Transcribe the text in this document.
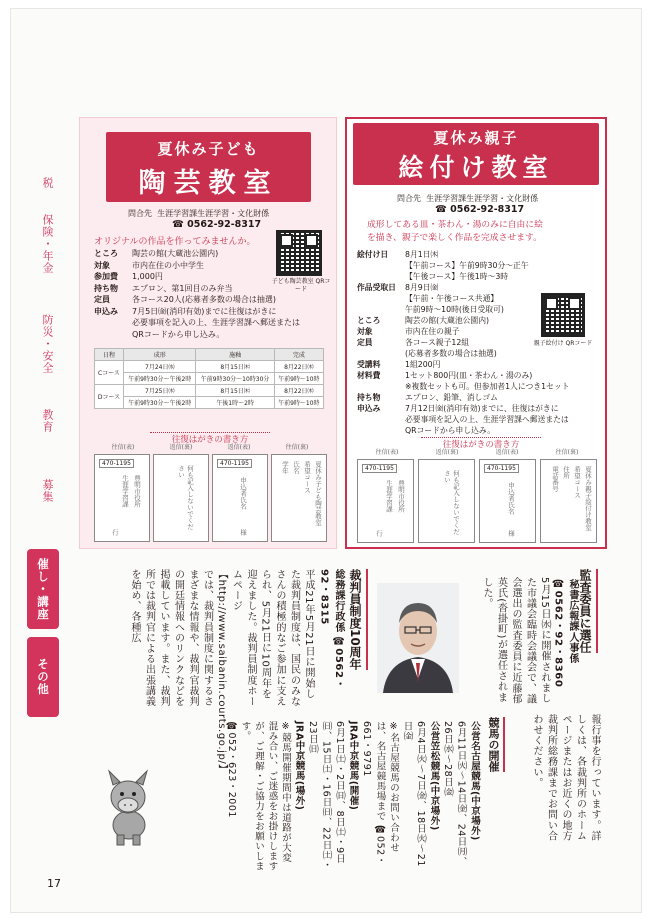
税
保険・年金
防災・安全
教育
募集
催し・講座
その他
夏休み子ども
陶芸教室
問合先 生涯学習課生涯学習・文化財係
☎ 0562-92-8317
オリジナルの作品を作ってみませんか。
ところ	陶芸の館(大蔵池公園内)
対象	市内在住の小中学生
参加費	1,000円
持ち物	エプロン、第1回目のみ弁当
定員	各コース20人(応募者多数の場合は抽選)
申込み	7月5日㈮(消印有効)までに往復はがきに
必要事項を記入の上、生涯学習課へ郵送または
QRコードから申し込み。
子ども陶芸教室 QRコード
日程	成形	施釉	完成
Cコース	7月24日㈬	8月15日㈭	8月22日㈭
	午前9時30分〜午後2時	午前9時30分〜10時30分	午前9時〜10時
Dコース	7月25日㈭	8月15日㈭	8月22日㈭
	午前9時30分〜午後2時	午後1時〜2時	午前9時〜10時
往復はがきの書き方
往信(表)	返信(裏)	返信(表)	往信(裏)
470-1195
豊明市役所
生涯学習課
行
何も記入しないでください
470-1195
申込者氏名
様
夏休み子ども陶芸教室
希望コース
氏名
学年
夏休み親子
絵付け教室
問合先 生涯学習課生涯学習・文化財係
☎ 0562-92-8317
成形してある皿・茶わん・湯のみに自由に絵
を描き、親子で楽しく作品を完成させます。
絵付け日	8月1日㈭
【午前コース】午前9時30分〜正午
【午後コース】午後1時〜3時
作品受取日	8月9日㈮
【午前・午後コース共通】
午前9時〜10時(後日受取可)
ところ	陶芸の館(大蔵池公園内)
対象	市内在住の親子
定員	各コース親子12組
(応募者多数の場合は抽選)
受講料	1組200円
材料費	1セット800円(皿・茶わん・湯のみ)
※複数セットも可。但参加者1人につき1セット
持ち物	エプロン、鉛筆、消しゴム
申込み	7月12日㈮(消印有効)までに、往復はがきに
必要事項を記入の上、生涯学習課へ郵送または
QRコードから申し込み。
親子絵付け QRコード
往復はがきの書き方
往信(表)	返信(裏)	返信(表)	往信(裏)
470-1195
豊明市役所
生涯学習課
行	何も記入しないでください
470-1195
申込者氏名
様
夏休み親子絵付け教室
希望コース
住所
電話番号
監査委員に選任
秘書広報課人事係 ☎0562・92・8360
5月15日㈬に開催されました市議会臨時会議会で、議会選出の監査委員に近藤郁英氏(沓掛町)が選任されました。
裁判員制度10周年
総務課行政係 ☎0562・92・8315
平成21年5月21日に開始した裁判員制度は、国民のみなさんの積極的なご参加に支えられ、5月21日に10周年を迎えました。裁判員制度ホームページ【http://www.saibanin.courts.go.jp/】では、裁判員制度に関するさまざまな情報や、裁判官裁判の開廷情報へのリンクなどを掲載しています。また、裁判所では裁判官による出張講義を始め、各種広
報行事を行っています。詳しくは、各裁判所のホームページまたはお近くの地方裁判所総務課までお問い合わせください。
競馬の開催
公営名古屋競馬(中京場外)
6月11日㈫〜14日㈮、24日㈪、26日㈬〜28日㈮
公営笠松競馬(中京場外)
6月4日㈫〜7日㈮、18日㈫〜21日㈮
※名古屋競馬のお問い合わせは、名古屋競馬場まで ☎052・661・9791
JRA中京競馬(開催)
6月1日㈯・2日㈰、8日㈯・9日㈰、15日㈯・16日㈰、22日㈯・23日㈰
JRA中京競馬(場外)
※競馬開催期間中は道路が大変混み合い、ご迷惑をお掛けしますが、ご理解・ご協力をお願いします。
☎052・623・2001
17
